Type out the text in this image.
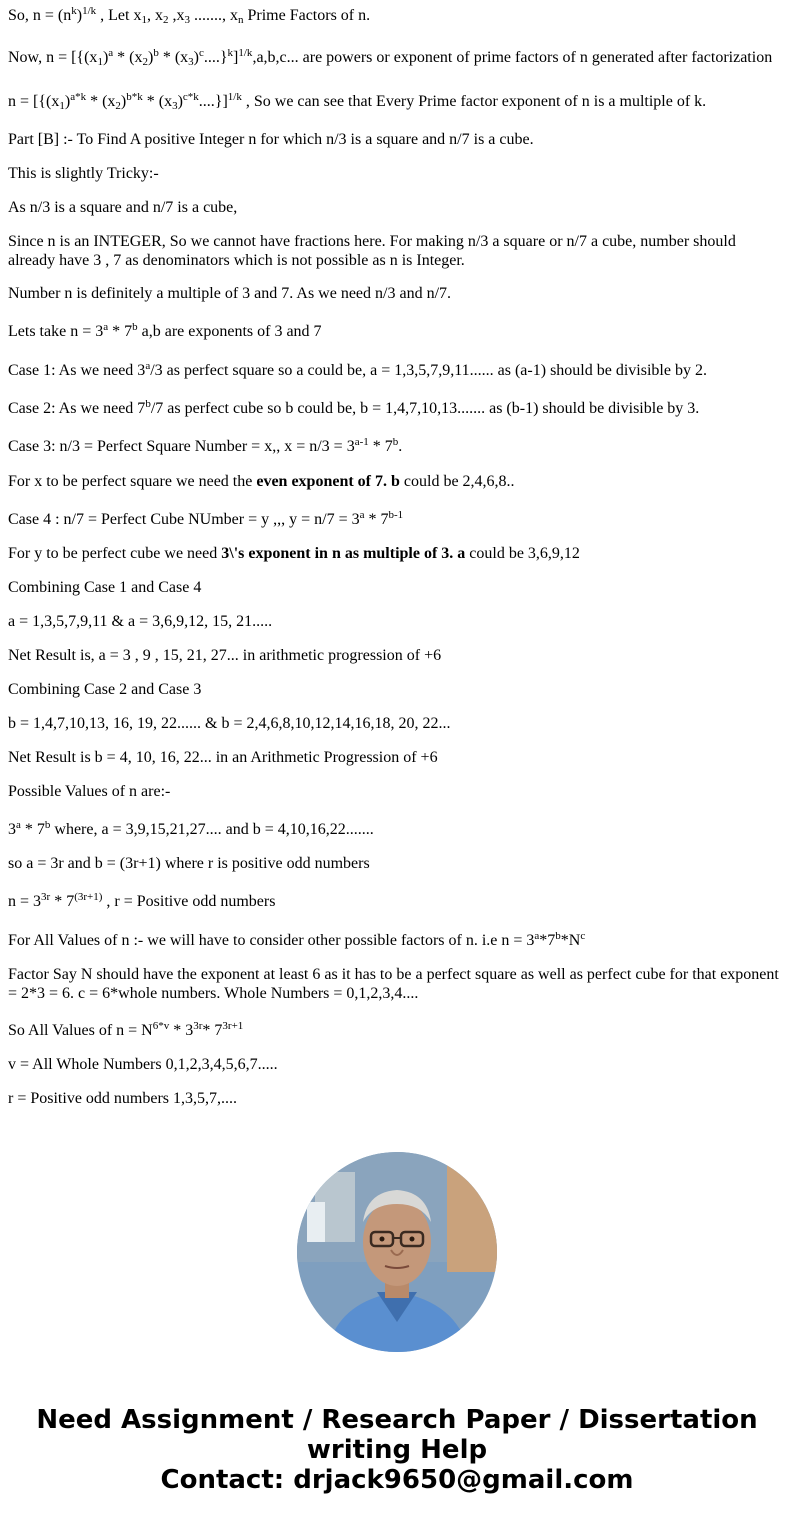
So, $n = (n^k)^{1/k}$ , Let $x_1$, $x_2$ $,x_3$ ......., $x_n$ Prime Factors of n.

Now, $n = [\{(x_1)^a * (x_2)^b * (x_3)^c....\}^k]^{1/k},a,b,c$... are powers or exponent of prime factors of n generated after factorization

$n = [\{(x_1)^{a*k} * (x_2)^{b*k} * (x_3)^{c*k}....\}]^{1/k}$ , So we can see that Every Prime factor exponent of n is a multiple of k.

Part [B] :- To Find A positive Integer n for which n/3 is a square and n/7 is a cube.

This is slightly Tricky:-

As n/3 is a square and n/7 is a cube,

Since n is an INTEGER, So we cannot have fractions here. For making n/3 a square or n/7 a cube, number should already have 3 , 7 as denominators which is not possible as n is Integer.

Number n is definitely a multiple of 3 and 7. As we need n/3 and n/7.

Lets take $n = 3^a * 7^b$ a,b are exponents of 3 and 7

Case 1: As we need 3$^a$/3 as perfect square so a could be, a = 1,3,5,7,9,11...... as (a-1) should be divisible by 2.

Case 2: As we need 7$^b$/7 as perfect cube so b could be, b = 1,4,7,10,13....... as (b-1) should be divisible by 3.

Case 3: n/3 = Perfect Square Number = x,, $x = n/3 = 3^{a-1} * 7^b$.

For x to be perfect square we need the even exponent of 7. b could be 2,4,6,8..

Case 4 : n/7 = Perfect Cube NUmber = y ,,, $y = n/7 = 3^a * 7^{b-1}$

For y to be perfect cube we need 3\'s exponent in n as multiple of 3. a could be 3,6,9,12

Combining Case 1 and Case 4

a = 1,3,5,7,9,11 & a = 3,6,9,12, 15, 21.....

Net Result is, a = 3 , 9 , 15, 21, 27... in arithmetic progression of +6

Combining Case 2 and Case 3

b = 1,4,7,10,13, 16, 19, 22...... & b = 2,4,6,8,10,12,14,16,18, 20, 22...

Net Result is b = 4, 10, 16, 22... in an Arithmetic Progression of +6

Possible Values of n are:-

3$^a$ * 7$^b$ where, a = 3,9,15,21,27.... and b = 4,10,16,22.......

so a = 3r and b = (3r+1) where r is positive odd numbers

$n = 3^{3r} * 7^{(3r+1)}$ , r = Positive odd numbers

For All Values of n :- we will have to consider other possible factors of n. i.e $n = 3^a*7^b*N^c$

Factor Say N should have the exponent at least 6 as it has to be a perfect square as well as perfect cube for that exponent = 2*3 = 6. c = 6*whole numbers. Whole Numbers = 0,1,2,3,4....

So All Values of $n = N^{6*v} * 3^{3r}*$ $7^{3r+1}$

v = All Whole Numbers 0,1,2,3,4,5,6,7.....

r = Positive odd numbers 1,3,5,7,....

Need Assignment / Research Paper / Dissertation
writing Help
Contact: drjack9650@gmail.com
